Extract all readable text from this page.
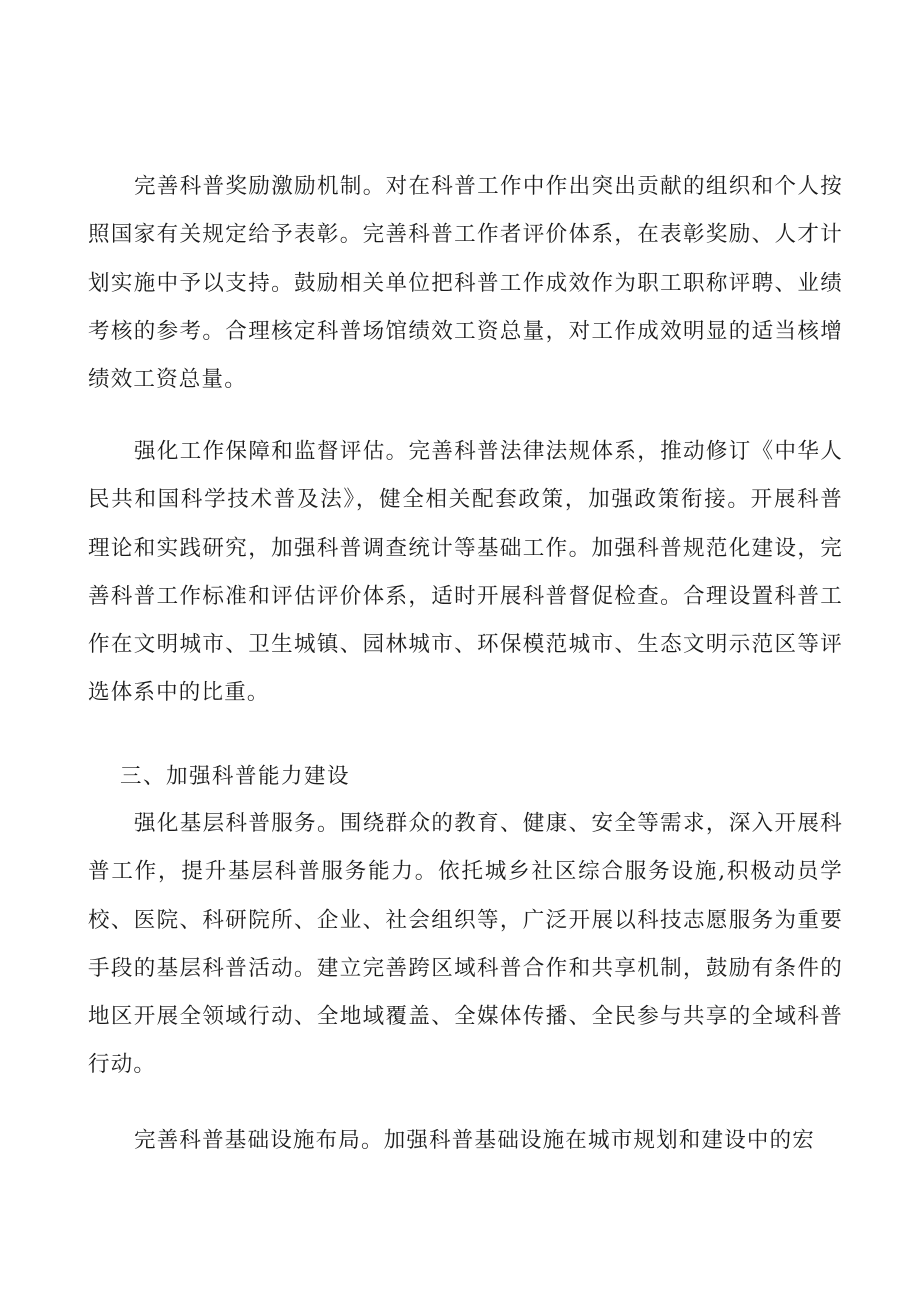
完善科普奖励激励机制。对在科普工作中作出突出贡献的组织和个人按照国家有关规定给予表彰。完善科普工作者评价体系，在表彰奖励、人才计划实施中予以支持。鼓励相关单位把科普工作成效作为职工职称评聘、业绩考核的参考。合理核定科普场馆绩效工资总量，对工作成效明显的适当核增绩效工资总量。

强化工作保障和监督评估。完善科普法律法规体系，推动修订《中华人民共和国科学技术普及法》，健全相关配套政策，加强政策衔接。开展科普理论和实践研究，加强科普调查统计等基础工作。加强科普规范化建设，完善科普工作标准和评估评价体系，适时开展科普督促检查。合理设置科普工作在文明城市、卫生城镇、园林城市、环保模范城市、生态文明示范区等评选体系中的比重。

三、加强科普能力建设

强化基层科普服务。围绕群众的教育、健康、安全等需求，深入开展科普工作，提升基层科普服务能力。依托城乡社区综合服务设施,积极动员学校、医院、科研院所、企业、社会组织等，广泛开展以科技志愿服务为重要手段的基层科普活动。建立完善跨区域科普合作和共享机制，鼓励有条件的地区开展全领域行动、全地域覆盖、全媒体传播、全民参与共享的全域科普行动。

完善科普基础设施布局。加强科普基础设施在城市规划和建设中的宏
